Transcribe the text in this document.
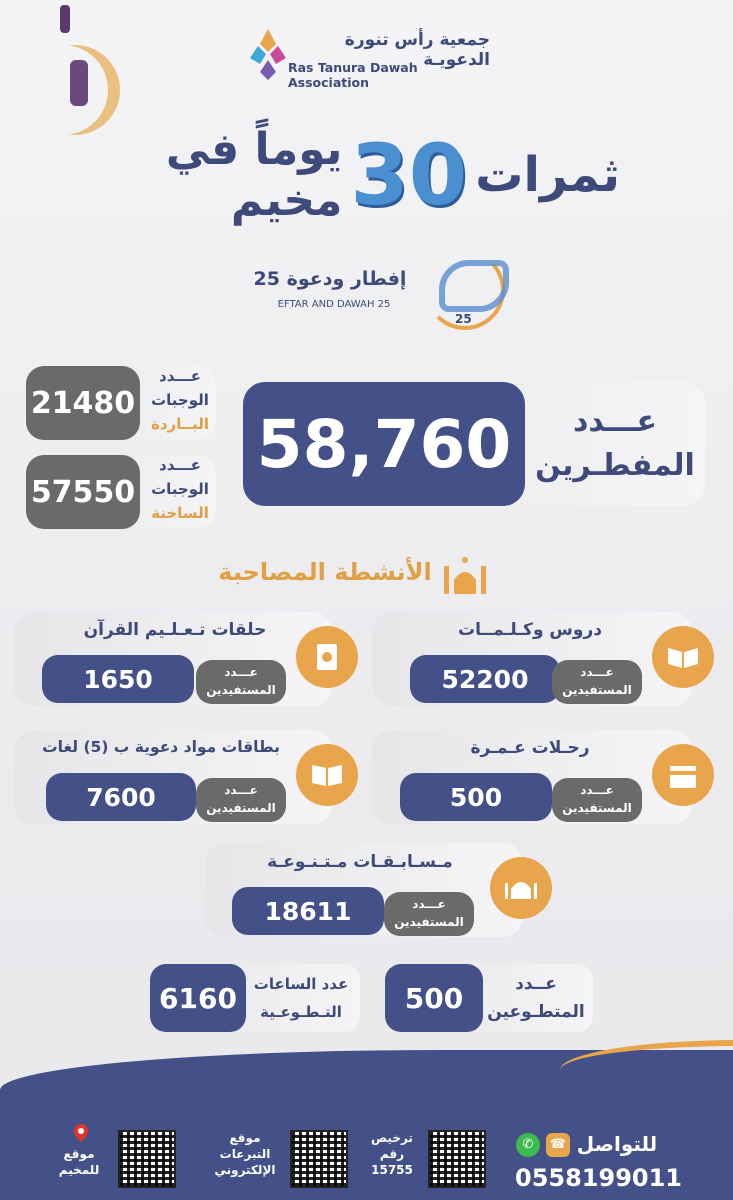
جمعية رأس تنورة الدعويـة
Ras Tanura Dawah Association
ثمرات
30
يوماً في مخيم
إفطار ودعوة 25
EFTAR AND DAWAH 25
25
21480
عـــدد
الوجبات
البــاردة
57550
عـــدد
الوجبات
الساخنة
58,760	عـــدد
المفطـرين
الأنشطة المصاحبة
دروس وكـلـمــات
52200	عـــدد
المستفيدين
حلقات تـعـلـيم القرآن
1650	عـــدد
المستفيدين
رحـلات عـمـرة
500	عـــدد
المستفيدين
بطاقات مواد دعوية ب (5) لغات
7600	عـــدد
المستفيدين
مـسـابـقـات مـتـنـوعـة
18611	عـــدد
المستفيدين
500	عــدد
المتطـوعين
6160	عدد الساعات
التـطـوعـية
✆	☎ للتواصل
0558199011
ترخيص
رقم
15755
موقع
التبرعات
الإلكتروني
موقع
للمخيم
